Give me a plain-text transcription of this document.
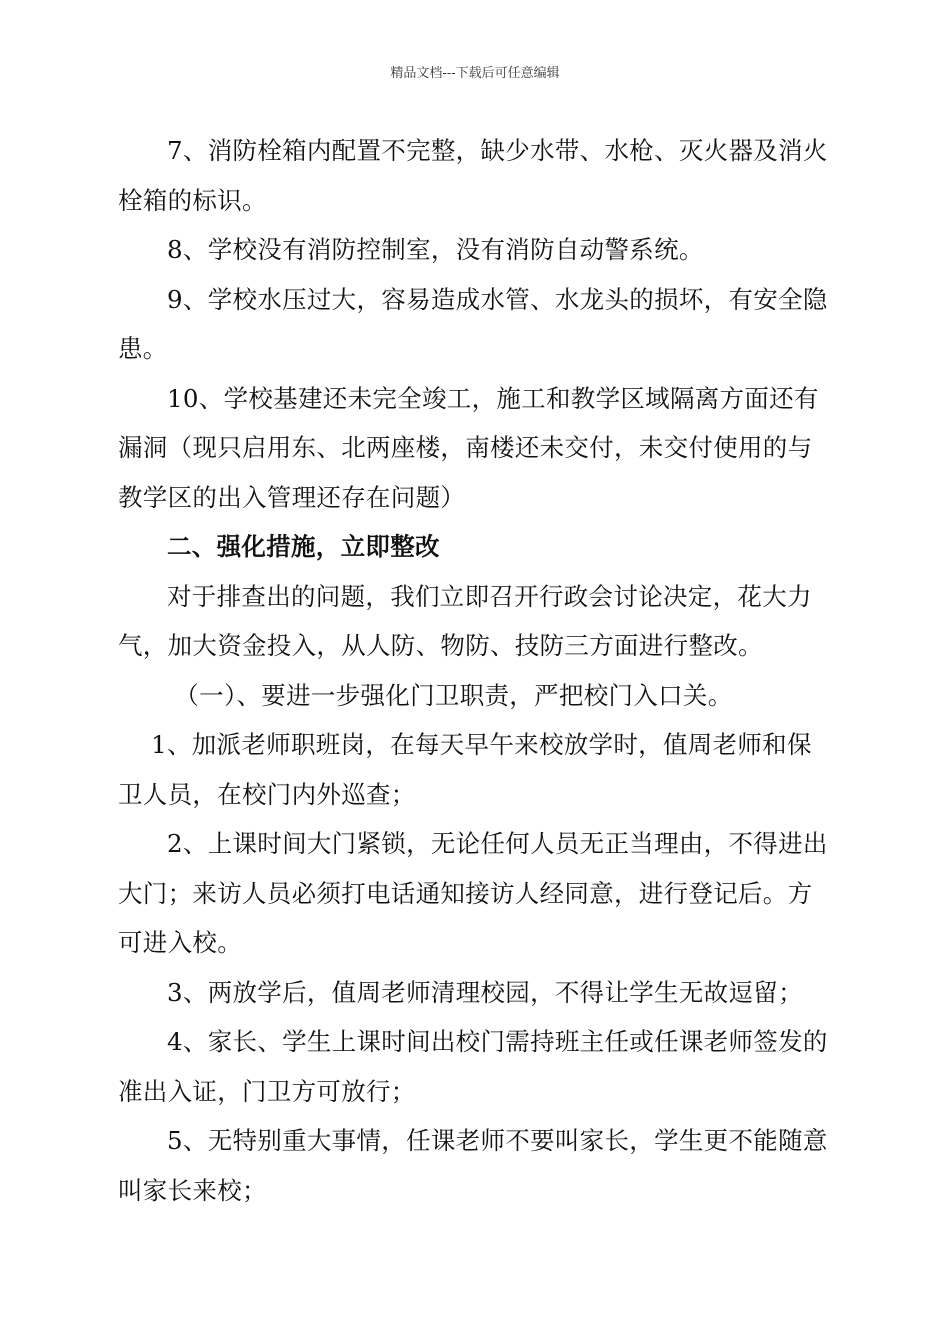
精品文档---下载后可任意编辑

7、消防栓箱内配置不完整，缺少水带、水枪、灭火器及消火栓箱的标识。

8、学校没有消防控制室，没有消防自动警系统。

9、学校水压过大，容易造成水管、水龙头的损坏，有安全隐患。

10、学校基建还未完全竣工，施工和教学区域隔离方面还有漏洞（现只启用东、北两座楼，南楼还未交付，未交付使用的与教学区的出入管理还存在问题）

二、强化措施，立即整改

对于排查出的问题，我们立即召开行政会讨论决定，花大力气，加大资金投入，从人防、物防、技防三方面进行整改。

（一）、要进一步强化门卫职责，严把校门入口关。

1、加派老师职班岗，在每天早午来校放学时，值周老师和保卫人员，在校门内外巡查；

2、上课时间大门紧锁，无论任何人员无正当理由，不得进出大门；来访人员必须打电话通知接访人经同意，进行登记后。方可进入校。

3、两放学后，值周老师清理校园，不得让学生无故逗留；

4、家长、学生上课时间出校门需持班主任或任课老师签发的准出入证，门卫方可放行；

5、无特别重大事情，任课老师不要叫家长，学生更不能随意叫家长来校；
